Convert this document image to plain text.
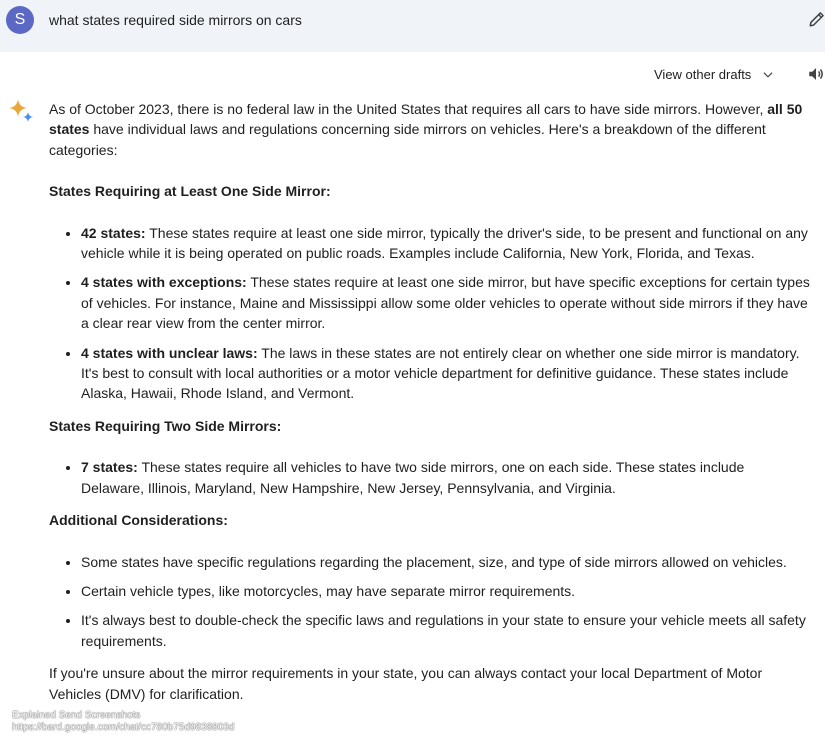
S	what states required side mirrors on cars
View other drafts

As of October 2023, there is no federal law in the United States that requires all cars to have side mirrors. However, all 50 states have individual laws and regulations concerning side mirrors on vehicles. Here's a breakdown of the different categories:

States Requiring at Least One Side Mirror:

• 42 states: These states require at least one side mirror, typically the driver's side, to be present and functional on any vehicle while it is being operated on public roads. Examples include California, New York, Florida, and Texas.
• 4 states with exceptions: These states require at least one side mirror, but have specific exceptions for certain types of vehicles. For instance, Maine and Mississippi allow some older vehicles to operate without side mirrors if they have a clear rear view from the center mirror.
• 4 states with unclear laws: The laws in these states are not entirely clear on whether one side mirror is mandatory. It's best to consult with local authorities or a motor vehicle department for definitive guidance. These states include Alaska, Hawaii, Rhode Island, and Vermont.

States Requiring Two Side Mirrors:

• 7 states: These states require all vehicles to have two side mirrors, one on each side. These states include Delaware, Illinois, Maryland, New Hampshire, New Jersey, Pennsylvania, and Virginia.

Additional Considerations:

• Some states have specific regulations regarding the placement, size, and type of side mirrors allowed on vehicles.
• Certain vehicle types, like motorcycles, may have separate mirror requirements.
• It's always best to double-check the specific laws and regulations in your state to ensure your vehicle meets all safety requirements.

If you're unsure about the mirror requirements in your state, you can always contact your local Department of Motor Vehicles (DMV) for clarification.

Explained Send Screenshots
https://bard.google.com/chat/cc780b75d9838803d
